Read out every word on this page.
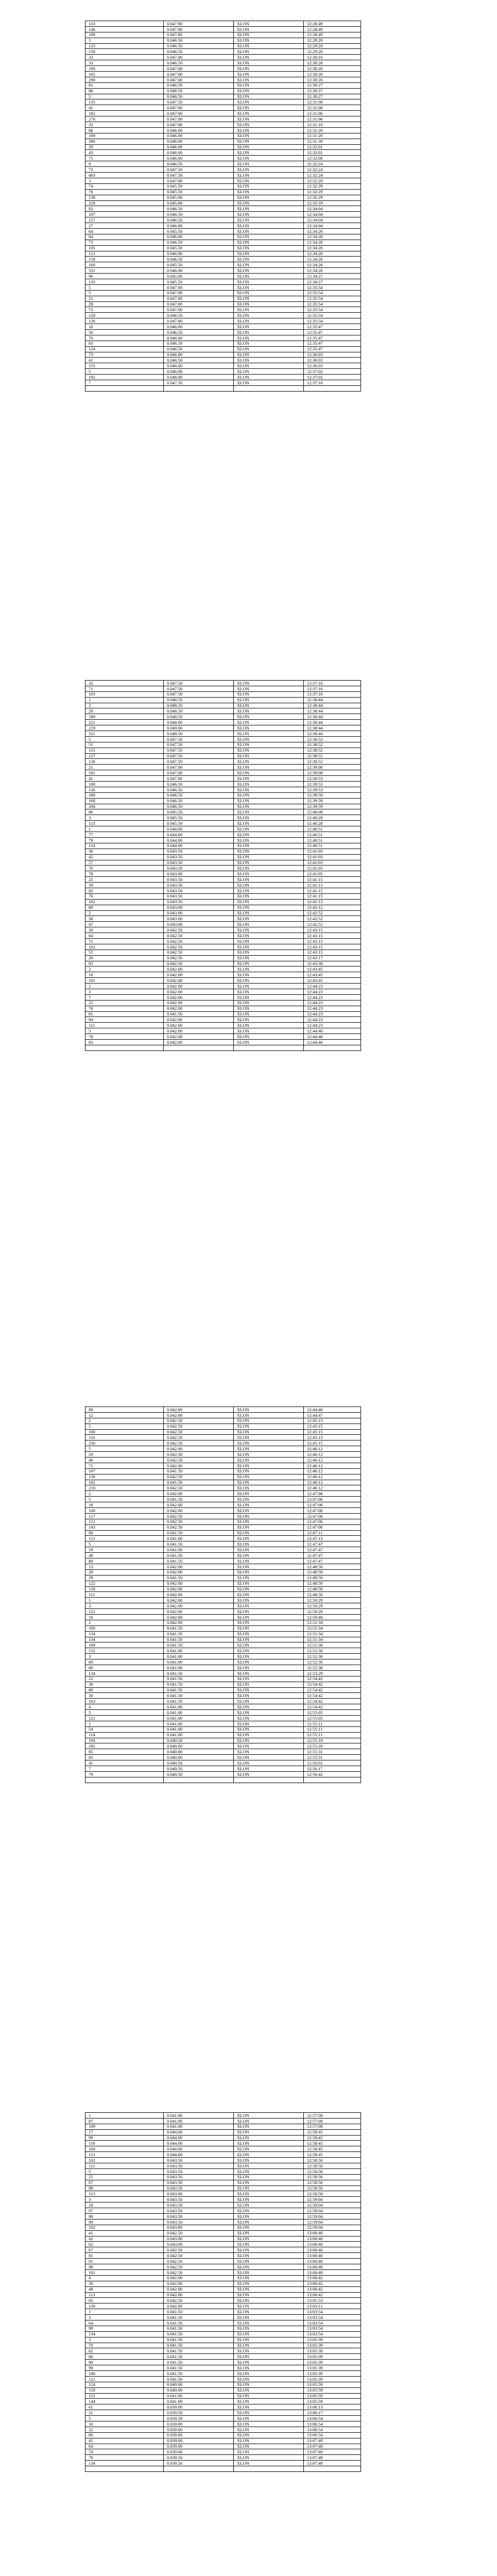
133	0.047.90	XLON	12:28:49
146	0.047.80	XLON	12:28:49
189	0.047.80	XLON	12:28:49
1	0.046.50	XLON	12:29:20
133	0.046.50	XLON	12:29:20
158	0.046.50	XLON	12:29:20
33	0.047.00	XLON	12:30:16
33	0.046.50	XLON	12:30:26
190	0.047.00	XLON	12:30:26
165	0.047.00	XLON	12:30:26
290	0.047.00	XLON	12:30:26
81	0.046.50	XLON	12:30:27
86	0.046.50	XLON	12:30:27
5	0.046.50	XLON	12:30:27
135	0.047.50	XLON	12:31:06
41	0.047.00	XLON	12:31:06
182	0.047.00	XLON	12:31:06
278	0.047.00	XLON	12:31:06
33	0.047.00	XLON	12:31:16
88	0.046.00	XLON	12:31:20
169	0.046.00	XLON	12:31:20
286	0.046.00	XLON	12:31:30
29	0.046.00	XLON	12:32:01
43	0.046.00	XLON	12:32:01
75	0.046.00	XLON	12:32:06
9	0.046.50	XLON	12:32:24
73	0.047.50	XLON	12:32:24
483	0.047.50	XLON	12:32:24
3	0.047.00	XLON	12:32:29
74	0.045.50	XLON	12:32:29
76	0.045.50	XLON	12:32:29
138	0.045.00	XLON	12:32:29
129	0.045.00	XLON	12:33:19
82	0.046.50	XLON	12:34:04
107	0.046.50	XLON	12:34:04
157	0.046.50	XLON	12:34:04
27	0.046.00	XLON	12:34:04
64	0.045.50	XLON	12:34:26
64	0.046.00	XLON	12:34:26
73	0.046.50	XLON	12:34:26
105	0.045.50	XLON	12:34:26
113	0.046.00	XLON	12:34:26
158	0.046.50	XLON	12:34:26
160	0.045.50	XLON	12:34:26
331	0.046.00	XLON	12:34:26
96	0.045.00	XLON	12:34:27
133	0.045.50	XLON	12:34:27
5	0.047.00	XLON	12:35:54
5	0.047.00	XLON	12:35:54
21	0.047.00	XLON	12:35:54
28	0.047.00	XLON	12:35:54
73	0.047.00	XLON	12:35:54
120	0.046.50	XLON	12:35:54
126	0.047.00	XLON	12:35:54
16	0.046.00	XLON	12:35:47
56	0.046.50	XLON	12:35:47
76	0.046.00	XLON	12:35:47
83	0.046.50	XLON	12:35:47
124	0.046.50	XLON	12:35:47
73	0.046.00	XLON	12:36:03
41	0.046.50	XLON	12:36:03
155	0.046.00	XLON	12:36:03
5	0.046.00	XLON	12:37:02
192	0.048.00	XLON	12:37:02
7	0.047.50	XLON	12:37:16

32	0.047.50	XLON	12:37:16
71	0.047.50	XLON	12:37:16
103	0.047.50	XLON	12:37:16
1	0.048.50	XLON	12:38:44
3	0.048.50	XLON	12:38:44
29	0.048.50	XLON	12:38:44
189	0.048.50	XLON	12:38:44
221	0.048.00	XLON	12:38:44
229	0.049.00	XLON	12:38:44
311	0.048.50	XLON	12:38:44
5	0.047.50	XLON	12:38:52
51	0.047.50	XLON	12:38:52
113	0.047.50	XLON	12:38:52
127	0.047.50	XLON	12:38:52
136	0.047.50	XLON	12:38:52
21	0.047.00	XLON	12:39:08
181	0.047.00	XLON	12:39:08
41	0.047.00	XLON	12:39:53
100	0.046.50	XLON	12:39:53
136	0.046.50	XLON	12:39:53
180	0.046.50	XLON	12:39:59
168	0.046.50	XLON	12:39:59
204	0.046.50	XLON	12:39:59
86	0.045.50	XLON	12:40:08
3	0.045.50	XLON	12:40:28
113	0.045.50	XLON	12:40:28
1	0.044.00	XLON	12:40:51
77	0.044.00	XLON	12:40:51
79	0.044.00	XLON	12:40:51
114	0.044.00	XLON	12:40:51
36	0.043.50	XLON	12:41:03
42	0.043.50	XLON	12:41:03
57	0.043.50	XLON	12:41:03
76	0.043.50	XLON	12:41:03
78	0.043.00	XLON	12:41:05
25	0.043.50	XLON	12:41:15
59	0.043.50	XLON	12:41:15
82	0.043.50	XLON	12:41:15
76	0.043.50	XLON	12:41:15
102	0.043.50	XLON	12:41:15
68	0.043.00	XLON	12:42:12
2	0.043.00	XLON	12:42:52
36	0.043.00	XLON	12:42:52
47	0.043.00	XLON	12:42:52
39	0.042.50	XLON	12:43:15
64	0.042.50	XLON	12:43:15
71	0.042.50	XLON	12:43:15
102	0.042.50	XLON	12:43:15
55	0.042.50	XLON	12:43:15
26	0.042.50	XLON	12:43:17
83	0.042.50	XLON	12:43:38
2	0.042.00	XLON	12:43:45
16	0.042.00	XLON	12:43:45
101	0.042.00	XLON	12:43:45
2	0.042.00	XLON	12:44:23
3	0.042.00	XLON	12:44:23
7	0.042.00	XLON	12:44:23
22	0.042.00	XLON	12:44:23
76	0.042.00	XLON	12:44:23
81	0.041.50	XLON	12:44:23
94	0.042.00	XLON	12:44:23
111	0.042.00	XLON	12:44:23
5	0.042.00	XLON	12:44:46
78	0.042.00	XLON	12:44:46
83	0.042.00	XLON	12:44:46

89	0.042.00	XLON	12:44:46
12	0.042.00	XLON	12:44:47
2	0.042.50	XLON	12:45:15
5	0.042.50	XLON	12:45:15
100	0.042.50	XLON	12:45:15
116	0.042.50	XLON	12:45:15
230	0.042.50	XLON	12:45:15
5	0.042.00	XLON	12:46:12
29	0.042.50	XLON	12:46:12
46	0.042.50	XLON	12:46:12
71	0.042.00	XLON	12:46:12
107	0.041.50	XLON	12:46:12
136	0.042.50	XLON	12:46:12
162	0.041.50	XLON	12:46:12
210	0.042.50	XLON	12:46:12
2	0.042.00	XLON	12:47:06
5	0.041.50	XLON	12:47:06
18	0.042.00	XLON	12:47:06
100	0.042.00	XLON	12:47:06
117	0.042.50	XLON	12:47:06
122	0.042.50	XLON	12:47:06
143	0.042.50	XLON	12:47:06
80	0.041.50	XLON	12:47:11
113	0.041.00	XLON	12:47:13
5	0.041.50	XLON	12:47:47
19	0.041.00	XLON	12:47:47
48	0.041.50	XLON	12:47:47
80	0.041.50	XLON	12:47:47
13	0.042.00	XLON	12:48:50
28	0.042.00	XLON	12:48:50
29	0.041.50	XLON	12:48:50
122	0.042.00	XLON	12:48:50
130	0.042.00	XLON	12:48:50
111	0.042.00	XLON	12:48:50
1	0.042.00	XLON	12:50:29
3	0.042.00	XLON	12:50:29
122	0.042.00	XLON	12:50:29
10	0.042.00	XLON	12:50:40
2	0.042.00	XLON	12:51:34
100	0.041.50	XLON	12:51:34
134	0.041.50	XLON	12:51:34
134	0.041.50	XLON	12:51:34
189	0.041.50	XLON	12:51:36
132	0.041.00	XLON	12:51:36
3	0.041.00	XLON	12:52:36
69	0.041.00	XLON	12:52:36
69	0.041.00	XLON	12:52:36
134	0.041.50	XLON	12:53:29
22	0.041.50	XLON	12:54:42
36	0.041.50	XLON	12:54:42
80	0.041.50	XLON	12:54:42
30	0.041.50	XLON	12:54:42
163	0.041.50	XLON	12:54:42
4	0.041.00	XLON	12:54:42
5	0.041.00	XLON	12:55:05
121	0.041.00	XLON	12:55:05
1	0.041.00	XLON	12:55:11
54	0.041.00	XLON	12:55:11
114	0.041.00	XLON	12:55:11
194	0.040.50	XLON	12:55:19
182	0.040.00	XLON	12:55:20
85	0.040.00	XLON	12:55:31
85	0.040.00	XLON	12:55:31
41	0.040.50	XLON	12:56:01
7	0.040.50	XLON	12:56:17
79	0.040.50	XLON	12:56:42

1	0.041.00	XLON	12:57:08
87	0.041.00	XLON	12:57:08
109	0.041.00	XLON	12:57:08
17	0.044.00	XLON	12:58:45
99	0.044.00	XLON	12:58:45
116	0.044.00	XLON	12:58:45
160	0.044.00	XLON	12:58:45
113	0.044.00	XLON	12:58:45
102	0.043.50	XLON	12:58:50
111	0.043.50	XLON	12:58:50
5	0.043.50	XLON	12:58:56
25	0.043.50	XLON	12:58:56
67	0.043.50	XLON	12:58:56
98	0.043.50	XLON	12:58:56
113	0.043.00	XLON	12:58:58
3	0.043.50	XLON	12:59:04
24	0.043.50	XLON	12:59:04
97	0.043.50	XLON	12:59:04
98	0.043.50	XLON	12:59:04
99	0.043.50	XLON	12:59:04
102	0.043.00	XLON	12:59:04
41	0.042.50	XLON	13:00:40
42	0.043.00	XLON	13:00:40
62	0.043.00	XLON	13:00:40
67	0.042.50	XLON	13:00:40
81	0.042.50	XLON	13:00:40
91	0.042.50	XLON	13:00:40
99	0.042.50	XLON	13:00:40
101	0.042.50	XLON	13:00:40
4	0.042.00	XLON	13:00:42
30	0.042.00	XLON	13:00:42
48	0.042.00	XLON	13:00:42
113	0.042.00	XLON	13:00:42
65	0.042.50	XLON	13:01:53
130	0.042.00	XLON	13:03:11
1	0.041.50	XLON	13:03:54
3	0.041.50	XLON	13:03:54
64	0.041.50	XLON	13:03:54
99	0.041.50	XLON	13:03:54
134	0.041.50	XLON	13:03:54
3	0.041.50	XLON	13:05:39
70	0.041.50	XLON	13:05:39
62	0.041.50	XLON	13:05:39
66	0.041.50	XLON	13:05:39
90	0.041.50	XLON	13:05:39
99	0.041.50	XLON	13:05:39
100	0.041.50	XLON	13:05:39
121	0.041.50	XLON	13:05:39
124	0.040.00	XLON	13:05:59
150	0.040.00	XLON	13:05:59
152	0.041.00	XLON	13:05:59
144	0.041.00	XLON	13:05:59
61	0.039.00	XLON	13:06:13
21	0.039.50	XLON	13:06:17
5	0.039.50	XLON	13:06:54
10	0.039.00	XLON	13:06:54
32	0.039.00	XLON	13:06:54
60	0.039.00	XLON	13:06:54
41	0.039.00	XLON	13:07:49
64	0.039.00	XLON	13:07:49
74	0.039.00	XLON	13:07:49
79	0.039.50	XLON	13:07:49
134	0.039.50	XLON	13:07:49
